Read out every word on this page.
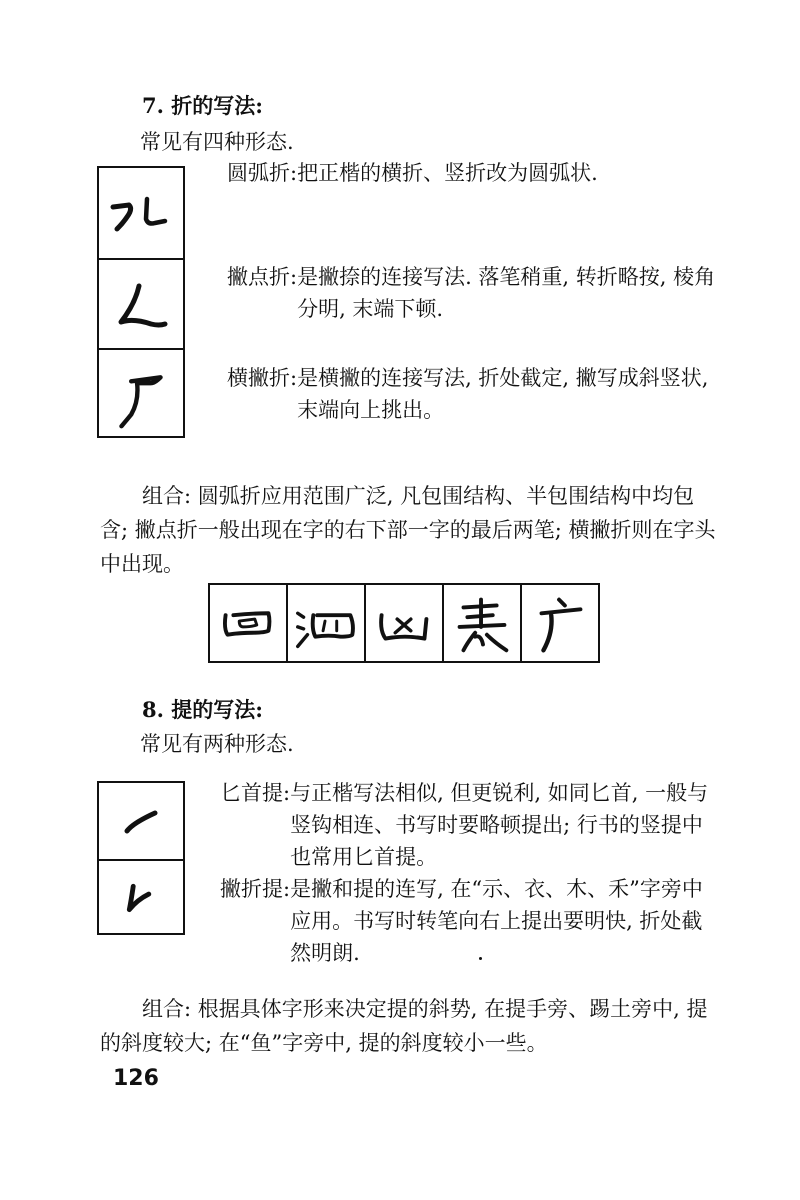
7. 折的写法:
常见有四种形态.
圆弧折: 把正楷的横折、竖折改为圆弧状.
撇点折: 是撇捺的连接写法. 落笔稍重, 转折略按, 棱角分明, 末端下顿.
横撇折: 是横撇的连接写法, 折处截定, 撇写成斜竖状, 末端向上挑出。

组合: 圆弧折应用范围广泛, 凡包围结构、半包围结构中均包含; 撇点折一般出现在字的右下部一字的最后两笔; 横撇折则在字头中出现。

8. 提的写法:
常见有两种形态.
匕首提: 与正楷写法相似, 但更锐利, 如同匕首, 一般与竖钩相连、书写时要略顿提出; 行书的竖提中也常用匕首提。
撇折提: 是撇和提的连写, 在“示、衣、木、禾”字旁中应用。书写时转笔向右上提出要明快, 折处截然明朗.

组合: 根据具体字形来决定提的斜势, 在提手旁、踢土旁中, 提的斜度较大; 在“鱼”字旁中, 提的斜度较小一些。

126
